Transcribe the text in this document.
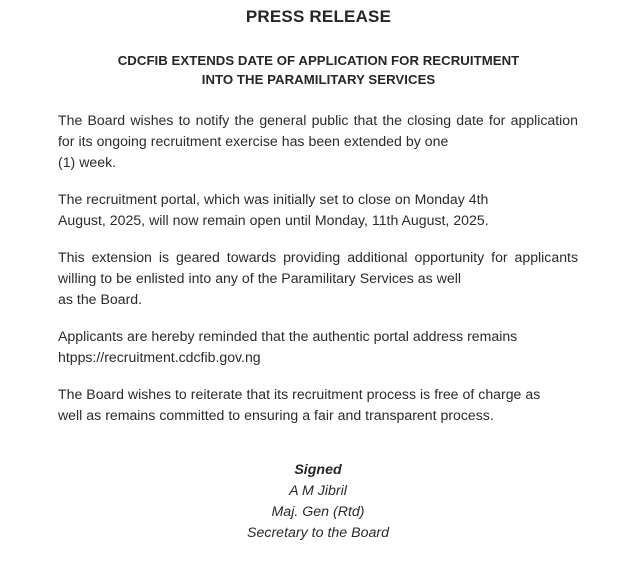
PRESS RELEASE
CDCFIB EXTENDS DATE OF APPLICATION FOR RECRUITMENT
INTO THE PARAMILITARY SERVICES

The Board wishes to notify the general public that the closing date for application for its ongoing recruitment exercise has been extended by one
(1) week.

The recruitment portal, which was initially set to close on Monday 4th
August, 2025, will now remain open until Monday, 11th August, 2025.

This extension is geared towards providing additional opportunity for applicants willing to be enlisted into any of the Paramilitary Services as well
as the Board.

Applicants are hereby reminded that the authentic portal address remains
htpps://recruitment.cdcfib.gov.ng

The Board wishes to reiterate that its recruitment process is free of charge as
well as remains committed to ensuring a fair and transparent process.

Signed
A M Jibril
Maj. Gen (Rtd)
Secretary to the Board
